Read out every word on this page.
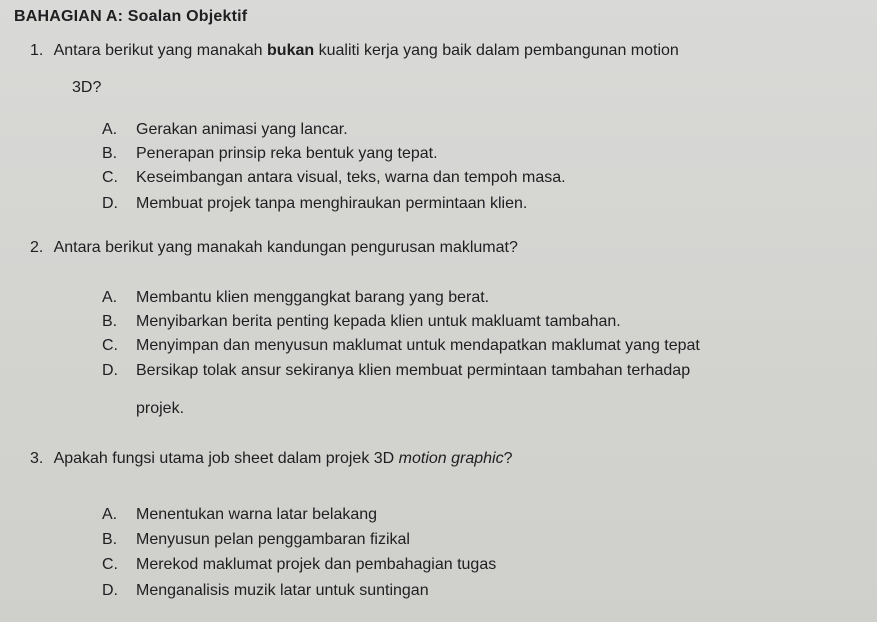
BAHAGIAN A: Soalan Objektif
1. Antara berikut yang manakah bukan kualiti kerja yang baik dalam pembangunan motion
3D?
A. Gerakan animasi yang lancar.
B. Penerapan prinsip reka bentuk yang tepat.
C. Keseimbangan antara visual, teks, warna dan tempoh masa.
D. Membuat projek tanpa menghiraukan permintaan klien.
2. Antara berikut yang manakah kandungan pengurusan maklumat?
A. Membantu klien menggangkat barang yang berat.
B. Menyibarkan berita penting kepada klien untuk makluamt tambahan.
C. Menyimpan dan menyusun maklumat untuk mendapatkan maklumat yang tepat
D. Bersikap tolak ansur sekiranya klien membuat permintaan tambahan terhadap
projek.
3. Apakah fungsi utama job sheet dalam projek 3D motion graphic?
A. Menentukan warna latar belakang
B. Menyusun pelan penggambaran fizikal
C. Merekod maklumat projek dan pembahagian tugas
D. Menganalisis muzik latar untuk suntingan
